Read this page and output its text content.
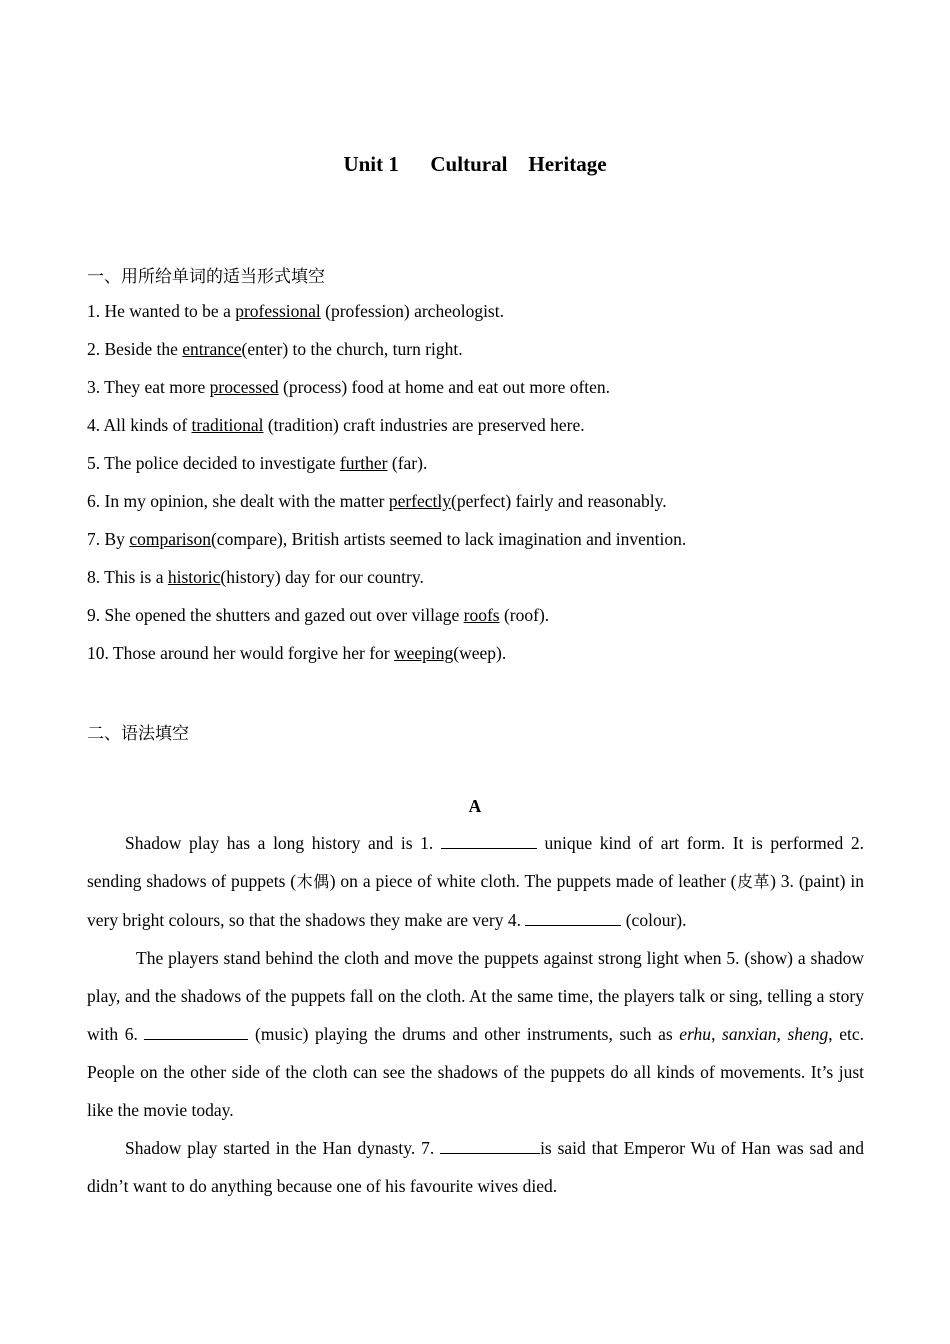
Unit 1 Cultural Heritage
一、用所给单词的适当形式填空
1. He wanted to be a professional (profession) archeologist.
2. Beside the entrance(enter) to the church, turn right.
3. They eat more processed (process) food at home and eat out more often.
4. All kinds of traditional (tradition) craft industries are preserved here.
5. The police decided to investigate further (far).
6. In my opinion, she dealt with the matter perfectly(perfect) fairly and reasonably.
7. By comparison(compare), British artists seemed to lack imagination and invention.
8. This is a historic(history) day for our country.
9. She opened the shutters and gazed out over village roofs (roof).
10. Those around her would forgive her for weeping(weep).
二、语法填空
A

Shadow play has a long history and is 1.	unique kind of art form. It is performed 2. sending shadows of puppets (木偶) on a piece of white cloth. The puppets made of leather (皮革) 3. (paint) in very bright colours, so that the shadows they make are very 4.	(colour).

The players stand behind the cloth and move the puppets against strong light when 5. (show) a shadow play, and the shadows of the puppets fall on the cloth. At the same time, the players talk or sing, telling a story with 6.	(music) playing the drums and other instruments, such as erhu, sanxian, sheng, etc. People on the other side of the cloth can see the shadows of the puppets do all kinds of movements. It’s just like the movie today.

Shadow play started in the Han dynasty. 7.	is said that Emperor Wu of Han was sad and didn’t want to do anything because one of his favourite wives died.
